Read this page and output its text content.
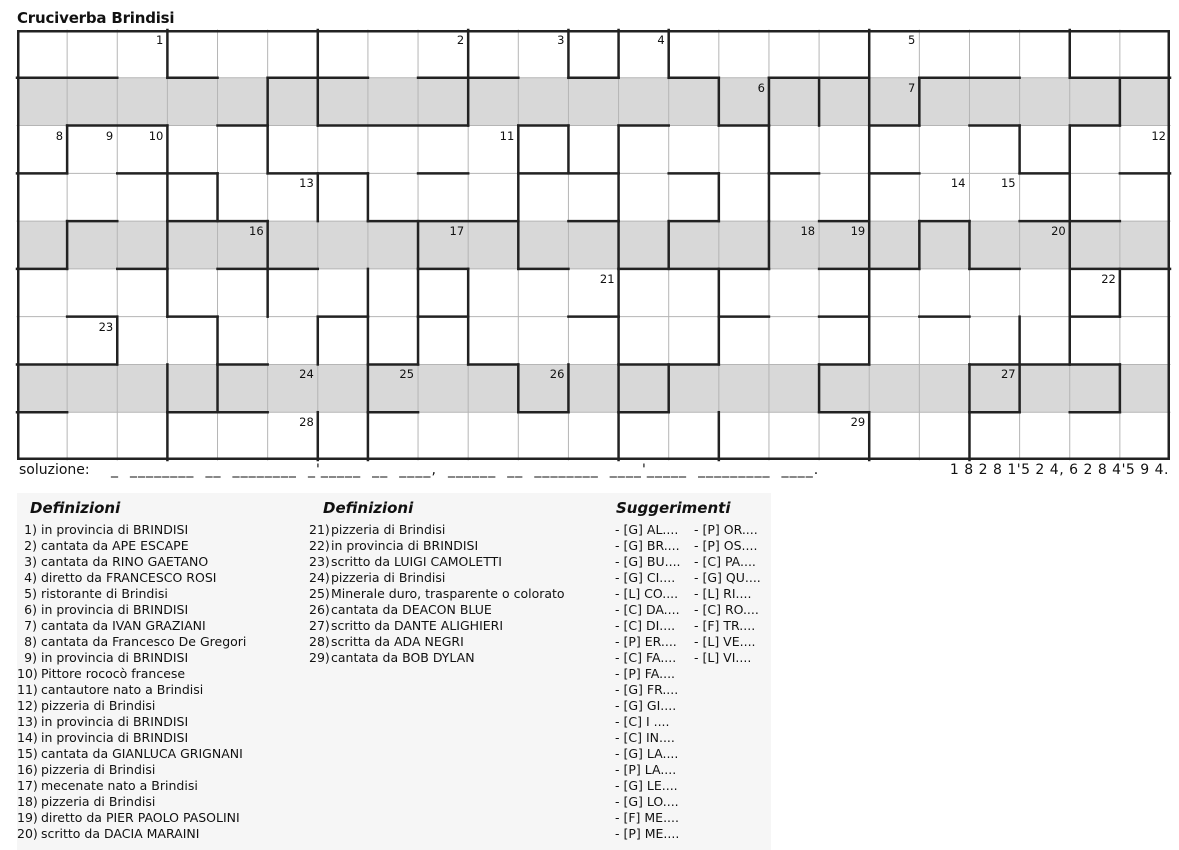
Cruciverba Brindisi
1	2	3	4	5
6	7
8	9	10	11	12
13	14	15
16	17	18	19	20
21	22
23
24	25	26	27
28	29
soluzione: _  ________  __  ________  _'_____  __  ____,  ______  __  ________  ____'_____  _________  ____.	1 8 2 8 1'5 2 4, 6 2 8 4'5 9 4.
Definizioni	Definizioni	Suggerimenti
1) in provincia di BRINDISI
2) cantata da APE ESCAPE
3) cantata da RINO GAETANO
4) diretto da FRANCESCO ROSI
5) ristorante di Brindisi
6) in provincia di BRINDISI
7) cantata da IVAN GRAZIANI
8) cantata da Francesco De Gregori
9) in provincia di BRINDISI
10) Pittore rococò francese
11) cantautore nato a Brindisi
12) pizzeria di Brindisi
13) in provincia di BRINDISI
14) in provincia di BRINDISI
15) cantata da GIANLUCA GRIGNANI
16) pizzeria di Brindisi
17) mecenate nato a Brindisi
18) pizzeria di Brindisi
19) diretto da PIER PAOLO PASOLINI
20) scritto da DACIA MARAINI
21) pizzeria di Brindisi
22) in provincia di BRINDISI
23) scritto da LUIGI CAMOLETTI
24) pizzeria di Brindisi
25) Minerale duro, trasparente o colorato
26) cantata da DEACON BLUE
27) scritto da DANTE ALIGHIERI
28) scritta da ADA NEGRI
29) cantata da BOB DYLAN
- [G] AL....
- [G] BR....
- [G] BU....
- [G] CI....
- [L] CO....
- [C] DA....
- [C] DI....
- [P] ER....
- [C] FA....
- [P] FA....
- [G] FR....
- [G] GI....
- [C] I ....
- [C] IN....
- [G] LA....
- [P] LA....
- [G] LE....
- [G] LO....
- [F] ME....
- [P] ME....
- [P] OR....
- [P] OS....
- [C] PA....
- [G] QU....
- [L] RI....
- [C] RO....
- [F] TR....
- [L] VE....
- [L] VI....
